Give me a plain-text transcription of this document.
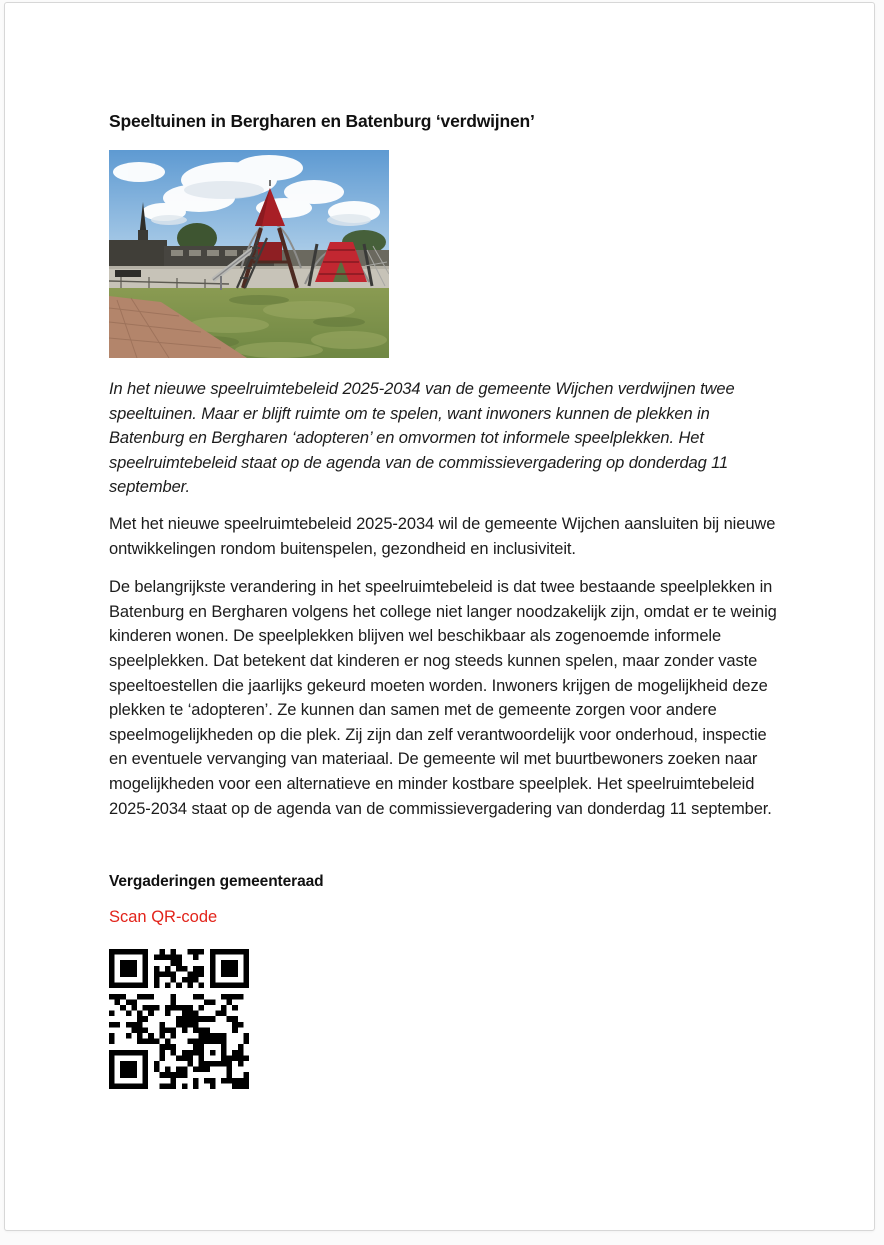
Speeltuinen in Bergharen en Batenburg ‘verdwijnen’

In het nieuwe speelruimtebeleid 2025-2034 van de gemeente Wijchen verdwijnen twee speeltuinen. Maar er blijft ruimte om te spelen, want inwoners kunnen de plekken in Batenburg en Bergharen ‘adopteren’ en omvormen tot informele speelplekken. Het speelruimtebeleid staat op de agenda van de commissievergadering op donderdag 11 september.

Met het nieuwe speelruimtebeleid 2025-2034 wil de gemeente Wijchen aansluiten bij nieuwe ontwikkelingen rondom buitenspelen, gezondheid en inclusiviteit.

De belangrijkste verandering in het speelruimtebeleid is dat twee bestaande speelplekken in Batenburg en Bergharen volgens het college niet langer noodzakelijk zijn, omdat er te weinig kinderen wonen. De speelplekken blijven wel beschikbaar als zogenoemde informele speelplekken. Dat betekent dat kinderen er nog steeds kunnen spelen, maar zonder vaste speeltoestellen die jaarlijks gekeurd moeten worden. Inwoners krijgen de mogelijkheid deze plekken te ‘adopteren’. Ze kunnen dan samen met de gemeente zorgen voor andere speelmogelijkheden op die plek. Zij zijn dan zelf verantwoordelijk voor onderhoud, inspectie en eventuele vervanging van materiaal. De gemeente wil met buurtbewoners zoeken naar mogelijkheden voor een alternatieve en minder kostbare speelplek. Het speelruimtebeleid 2025-2034 staat op de agenda van de commissievergadering van donderdag 11 september.

Vergaderingen gemeenteraad
Scan QR-code
